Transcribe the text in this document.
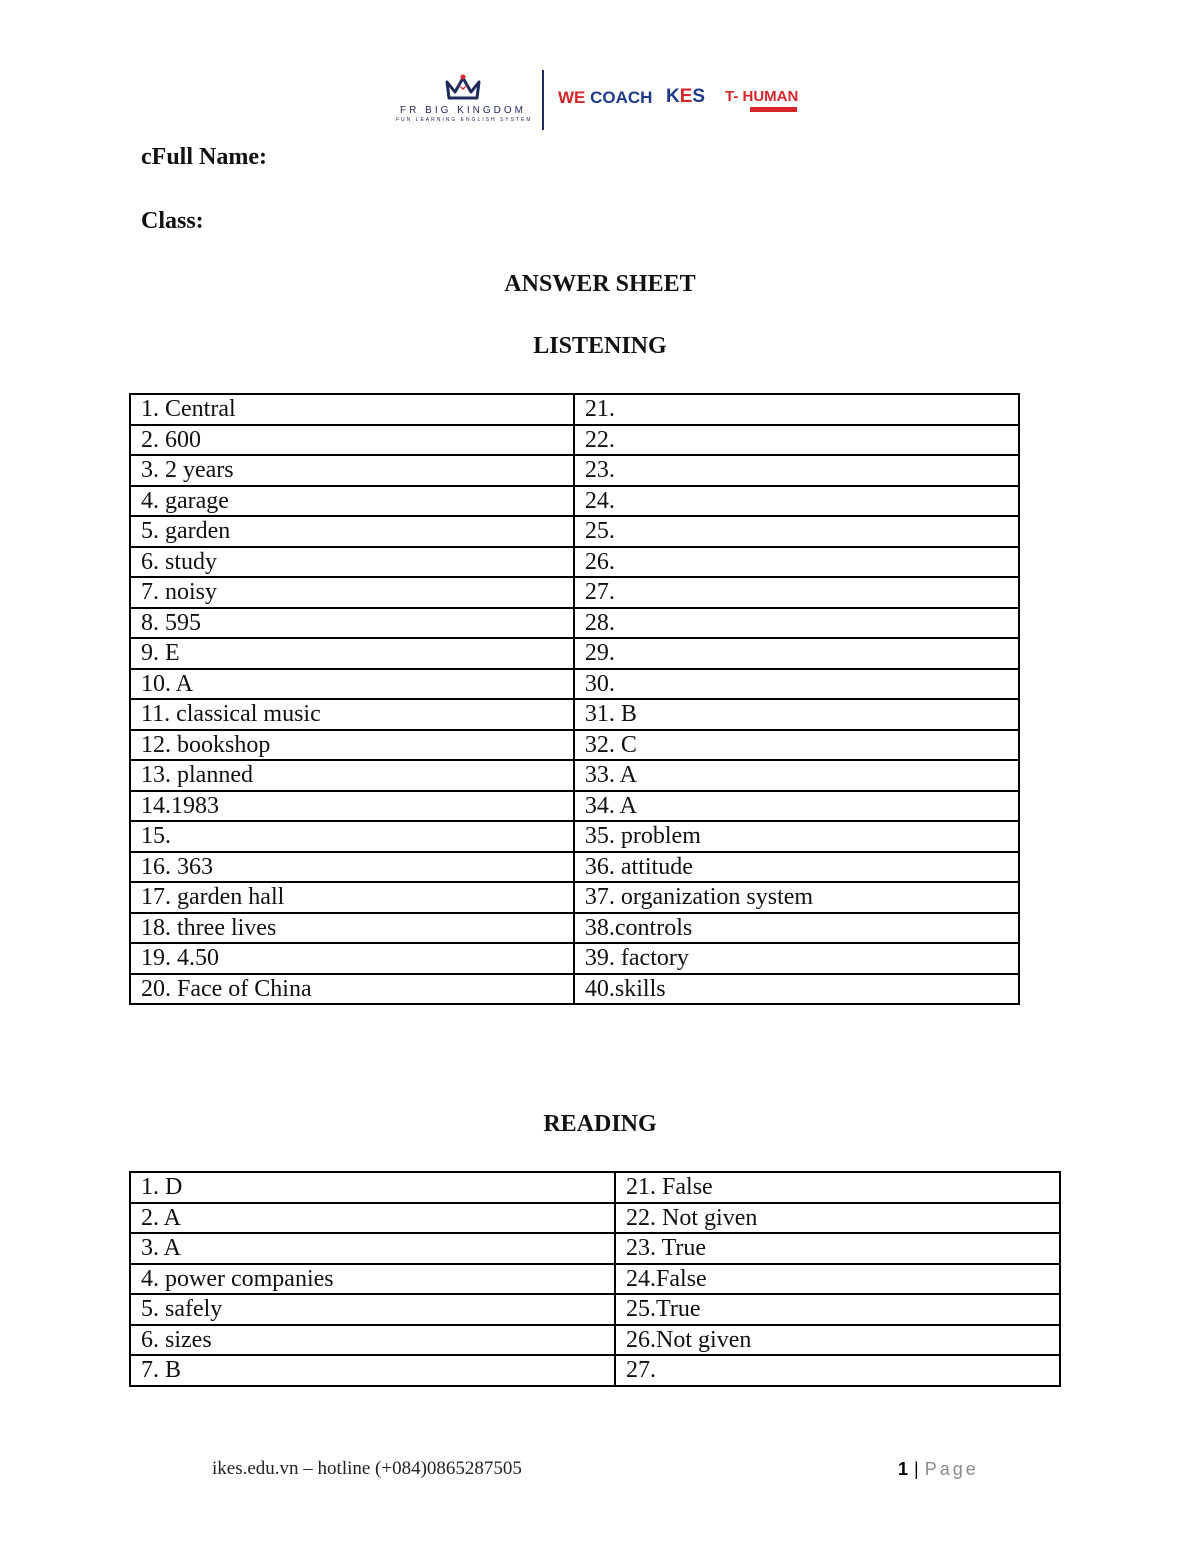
FR BIG KINGDOM
FUN LEARNING ENGLISH SYSTEM
WE COACH KES T- HUMAN
cFull Name:
Class:
ANSWER SHEET
LISTENING
1. Central	21.
2. 600	22.
3. 2 years	23.
4. garage	24.
5. garden	25.
6. study	26.
7. noisy	27.
8. 595	28.
9. E	29.
10. A	30.
11. classical music	31. B
12. bookshop	32. C
13. planned	33. A
14.1983	34. A
15.	35. problem
16. 363	36. attitude
17. garden hall	37. organization system
18. three lives	38.controls
19. 4.50	39. factory
20. Face of China	40.skills
READING
1. D	21. False
2. A	22. Not given
3. A	23. True
4. power companies	24.False
5. safely	25.True
6. sizes	26.Not given
7. B	27.
ikes.edu.vn – hotline (+084)0865287505	1 | Page
